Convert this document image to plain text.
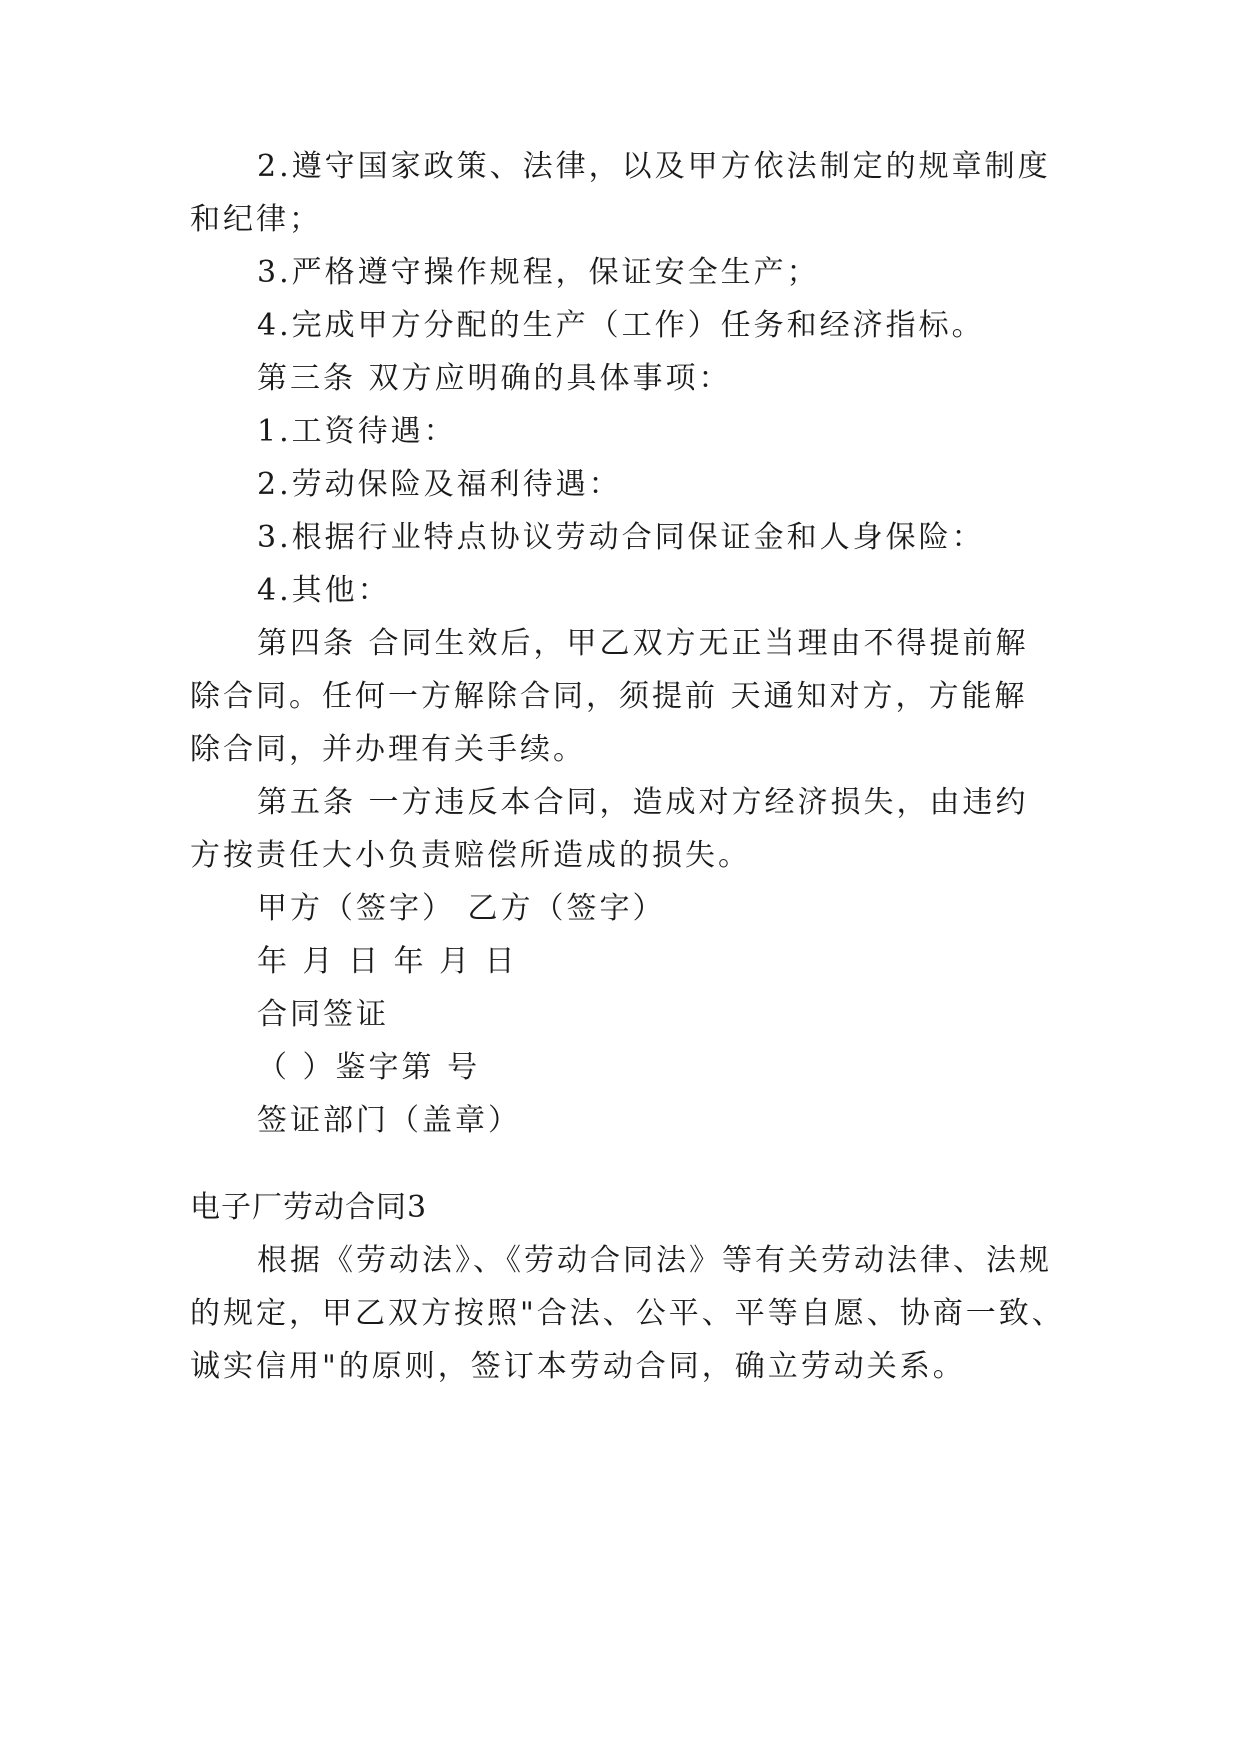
2.遵守国家政策、法律，以及甲方依法制定的规章制度
和纪律；
3.严格遵守操作规程，保证安全生产；
4.完成甲方分配的生产（工作）任务和经济指标。
第三条 双方应明确的具体事项：
1.工资待遇：
2.劳动保险及福利待遇：
3.根据行业特点协议劳动合同保证金和人身保险：
4.其他：
第四条 合同生效后，甲乙双方无正当理由不得提前解
除合同。任何一方解除合同，须提前 天通知对方，方能解
除合同，并办理有关手续。
第五条 一方违反本合同，造成对方经济损失，由违约
方按责任大小负责赔偿所造成的损失。
甲方（签字） 乙方（签字）
年 月 日 年 月 日
合同签证
（ ）鉴字第 号
签证部门（盖章）
电子厂劳动合同3
根据《劳动法》、《劳动合同法》等有关劳动法律、法规
的规定，甲乙双方按照"合法、公平、平等自愿、协商一致、
诚实信用"的原则，签订本劳动合同，确立劳动关系。
